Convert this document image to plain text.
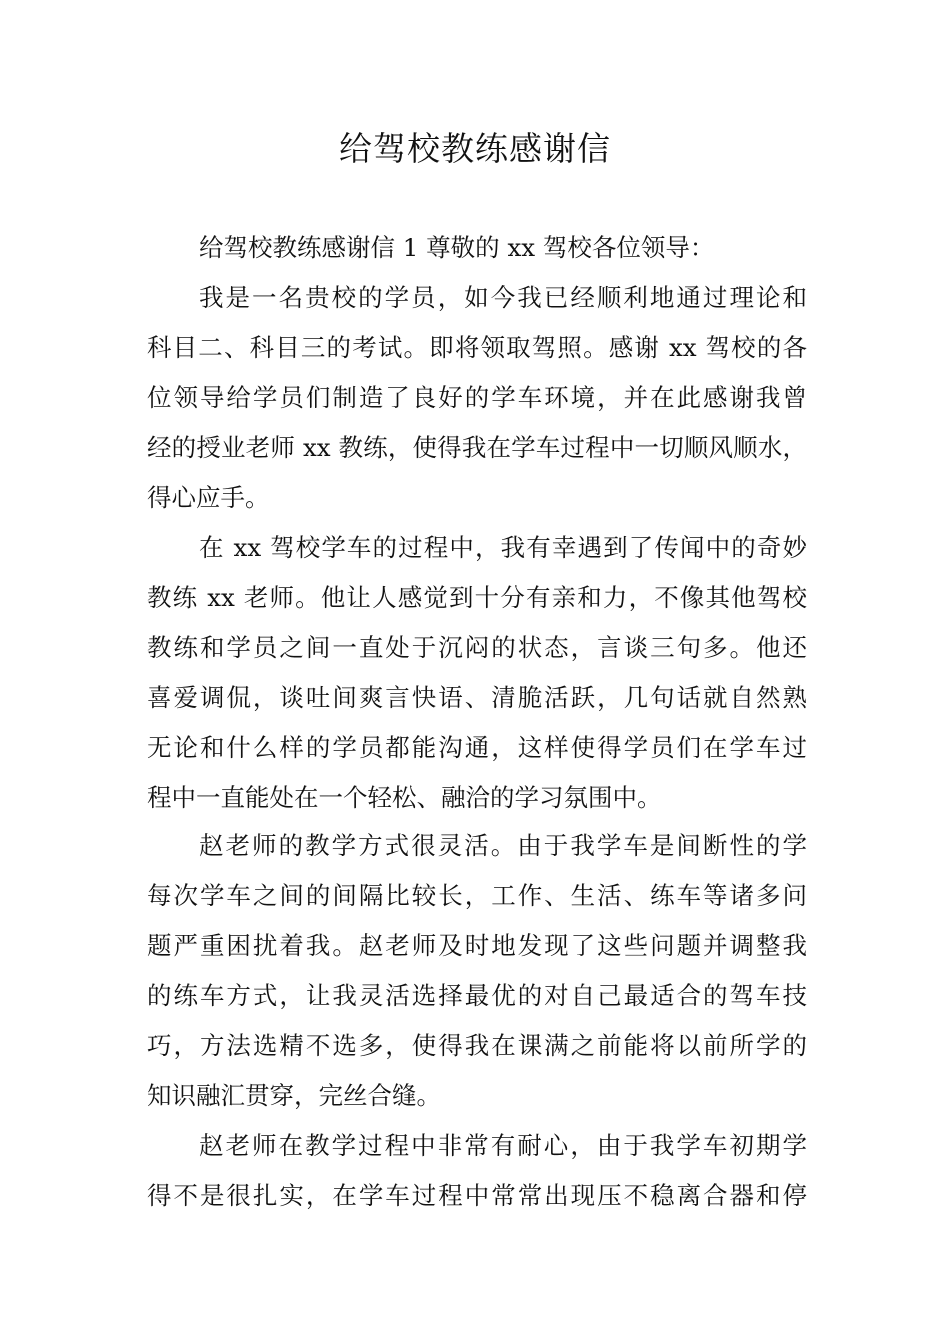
给驾校教练感谢信

给驾校教练感谢信 1 尊敬的 xx 驾校各位领导：

我是一名贵校的学员，如今我已经顺利地通过理论和

科目二、科目三的考试。即将领取驾照。感谢 xx 驾校的各

位领导给学员们制造了良好的学车环境，并在此感谢我曾

经的授业老师 xx 教练，使得我在学车过程中一切顺风顺水，

得心应手。

在 xx 驾校学车的过程中，我有幸遇到了传闻中的奇妙

教练 xx 老师。他让人感觉到十分有亲和力，不像其他驾校

教练和学员之间一直处于沉闷的状态，言谈三句多。他还

喜爱调侃，谈吐间爽言快语、清脆活跃，几句话就自然熟

无论和什么样的学员都能沟通，这样使得学员们在学车过

程中一直能处在一个轻松、融洽的学习氛围中。

赵老师的教学方式很灵活。由于我学车是间断性的学

每次学车之间的间隔比较长，工作、生活、练车等诸多问

题严重困扰着我。赵老师及时地发现了这些问题并调整我

的练车方式，让我灵活选择最优的对自己最适合的驾车技

巧，方法选精不选多，使得我在课满之前能将以前所学的

知识融汇贯穿，完丝合缝。

赵老师在教学过程中非常有耐心，由于我学车初期学

得不是很扎实，在学车过程中常常出现压不稳离合器和停
